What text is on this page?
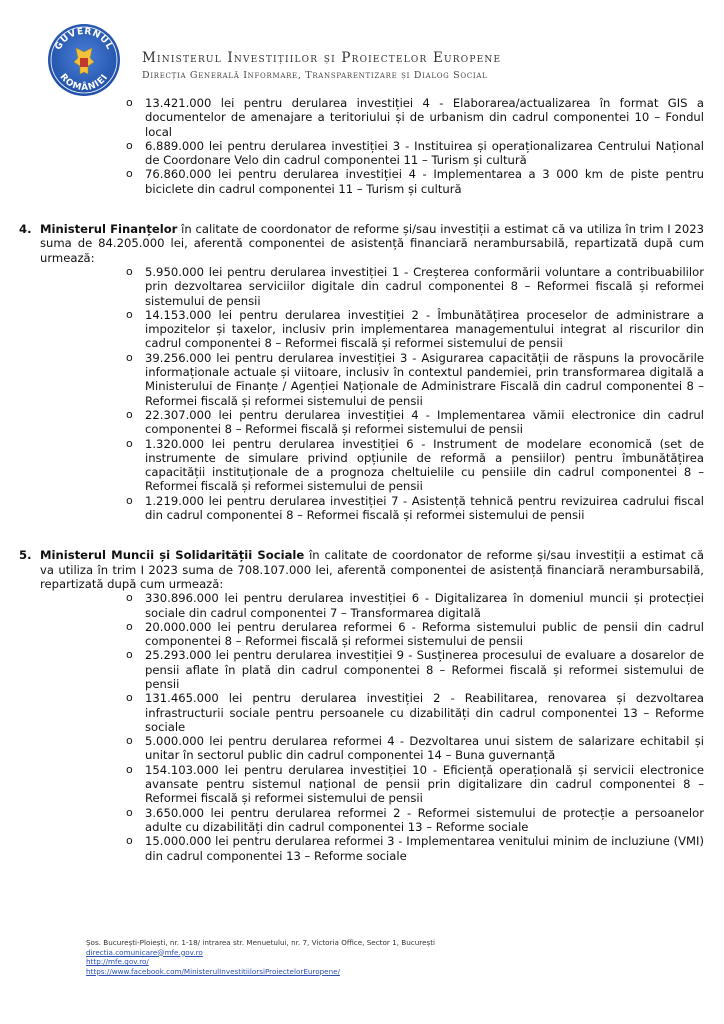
GUVERNUL
ROMÂNIEI
Ministerul Investițiilor și Proiectelor Europene
Direcția Generală Informare, Transparentizare și Dialog Social
o 13.421.000 lei pentru derularea investiției 4 - Elaborarea/actualizarea în format GIS a documentelor de amenajare a teritoriului și de urbanism din cadrul componentei 10 – Fondul local
o 6.889.000 lei pentru derularea investiției 3 - Instituirea și operaționalizarea Centrului Național de Coordonare Velo din cadrul componentei 11 – Turism și cultură
o 76.860.000 lei pentru derularea investiției 4 - Implementarea a 3 000 km de piste pentru biciclete din cadrul componentei 11 – Turism și cultură
4. Ministerul Finanțelor în calitate de coordonator de reforme și/sau investiții a estimat că va utiliza în trim I 2023 suma de 84.205.000 lei, aferentă componentei de asistență financiară nerambursabilă, repartizată după cum urmează:
o 5.950.000 lei pentru derularea investiției 1 - Creșterea conformării voluntare a contribuabililor prin dezvoltarea serviciilor digitale din cadrul componentei 8 – Reformei fiscală și reformei sistemului de pensii
o 14.153.000 lei pentru derularea investiției 2 - Îmbunătățirea proceselor de administrare a impozitelor și taxelor, inclusiv prin implementarea managementului integrat al riscurilor din cadrul componentei 8 – Reformei fiscală și reformei sistemului de pensii
o 39.256.000 lei pentru derularea investiției 3 - Asigurarea capacității de răspuns la provocările informaționale actuale și viitoare, inclusiv în contextul pandemiei, prin transformarea digitală a Ministerului de Finanțe / Agenției Naționale de Administrare Fiscală din cadrul componentei 8 – Reformei fiscală și reformei sistemului de pensii
o 22.307.000 lei pentru derularea investiției 4 - Implementarea vămii electronice din cadrul componentei 8 – Reformei fiscală și reformei sistemului de pensii
o 1.320.000 lei pentru derularea investiției 6 - Instrument de modelare economică (set de instrumente de simulare privind opțiunile de reformă a pensiilor) pentru îmbunătățirea capacității instituționale de a prognoza cheltuielile cu pensiile din cadrul componentei 8 – Reformei fiscală și reformei sistemului de pensii
o 1.219.000 lei pentru derularea investiției 7 - Asistență tehnică pentru revizuirea cadrului fiscal din cadrul componentei 8 – Reformei fiscală și reformei sistemului de pensii
5. Ministerul Muncii și Solidarității Sociale în calitate de coordonator de reforme și/sau investiții a estimat că va utiliza în trim I 2023 suma de 708.107.000 lei, aferentă componentei de asistență financiară nerambursabilă, repartizată după cum urmează:
o 330.896.000 lei pentru derularea investiției 6 - Digitalizarea în domeniul muncii și protecției sociale din cadrul componentei 7 – Transformarea digitală
o 20.000.000 lei pentru derularea reformei 6 - Reforma sistemului public de pensii din cadrul componentei 8 – Reformei fiscală și reformei sistemului de pensii
o 25.293.000 lei pentru derularea investiției 9 - Susținerea procesului de evaluare a dosarelor de pensii aflate în plată din cadrul componentei 8 – Reformei fiscală și reformei sistemului de pensii
o 131.465.000 lei pentru derularea investiției 2 - Reabilitarea, renovarea și dezvoltarea infrastructurii sociale pentru persoanele cu dizabilități din cadrul componentei 13 – Reforme sociale
o 5.000.000 lei pentru derularea reformei 4 - Dezvoltarea unui sistem de salarizare echitabil și unitar în sectorul public din cadrul componentei 14 – Buna guvernanță
o 154.103.000 lei pentru derularea investiției 10 - Eficiență operațională și servicii electronice avansate pentru sistemul național de pensii prin digitalizare din cadrul componentei 8 – Reformei fiscală și reformei sistemului de pensii
o 3.650.000 lei pentru derularea reformei 2 - Reformei sistemului de protecție a persoanelor adulte cu dizabilități din cadrul componentei 13 – Reforme sociale
o 15.000.000 lei pentru derularea reformei 3 - Implementarea venitului minim de incluziune (VMI) din cadrul componentei 13 – Reforme sociale
Șos. București-Ploiești, nr. 1-18/ intrarea str. Menuetului, nr. 7, Victoria Office, Sector 1, București
directia.comunicare@mfe.gov.ro
http://mfe.gov.ro/
https://www.facebook.com/MinisterulInvestitiilorsiProiectelorEuropene/
